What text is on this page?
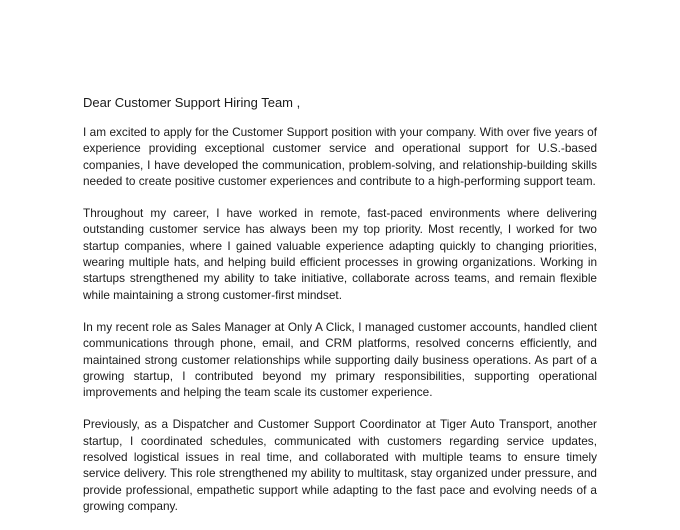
Dear Customer Support Hiring Team ,

I am excited to apply for the Customer Support position with your company. With over five years of experience providing exceptional customer service and operational support for U.S.-based companies, I have developed the communication, problem-solving, and relationship-building skills needed to create positive customer experiences and contribute to a high-performing support team.

Throughout my career, I have worked in remote, fast-paced environments where delivering outstanding customer service has always been my top priority. Most recently, I worked for two startup companies, where I gained valuable experience adapting quickly to changing priorities, wearing multiple hats, and helping build efficient processes in growing organizations. Working in startups strengthened my ability to take initiative, collaborate across teams, and remain flexible while maintaining a strong customer-first mindset.

In my recent role as Sales Manager at Only A Click, I managed customer accounts, handled client communications through phone, email, and CRM platforms, resolved concerns efficiently, and maintained strong customer relationships while supporting daily business operations. As part of a growing startup, I contributed beyond my primary responsibilities, supporting operational improvements and helping the team scale its customer experience.

Previously, as a Dispatcher and Customer Support Coordinator at Tiger Auto Transport, another startup, I coordinated schedules, communicated with customers regarding service updates, resolved logistical issues in real time, and collaborated with multiple teams to ensure timely service delivery. This role strengthened my ability to multitask, stay organized under pressure, and provide professional, empathetic support while adapting to the fast pace and evolving needs of a growing company.
